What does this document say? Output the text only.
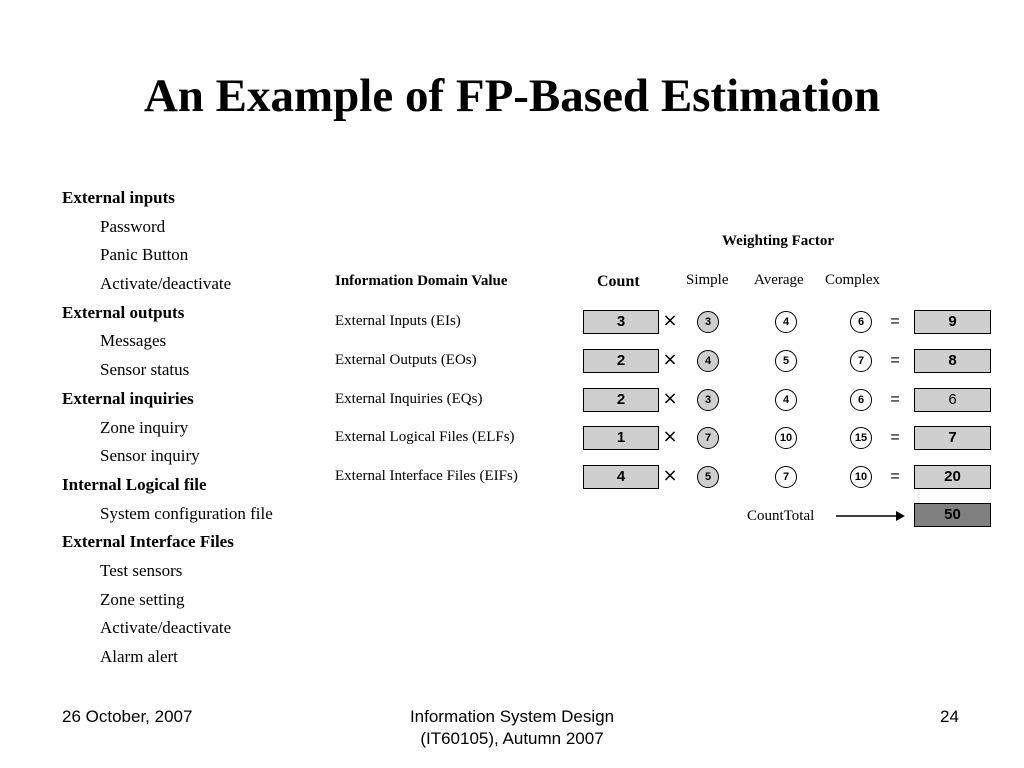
An Example of FP-Based Estimation
External inputs
Password
Panic Button
Activate/deactivate
External outputs
Messages
Sensor status
External inquiries
Zone inquiry
Sensor inquiry
Internal Logical file
System configuration file
External Interface Files
Test sensors
Zone setting
Activate/deactivate
Alarm alert
Weighting Factor
Information Domain Value	Count	Simple Average Complex
External Inputs (EIs)	3	×	3	4	6	=	9
External Outputs (EOs)	2	×	4	5	7	=	8
External Inquiries (EQs)	2	×	3	4	6	=	6
External Logical Files (ELFs)	1	×	7	10	15	=	7
External Interface Files (EIFs)	4	×	5	7	10	=	20
CountTotal	50
26 October, 2007	Information System Design
(IT60105), Autumn 2007
24
